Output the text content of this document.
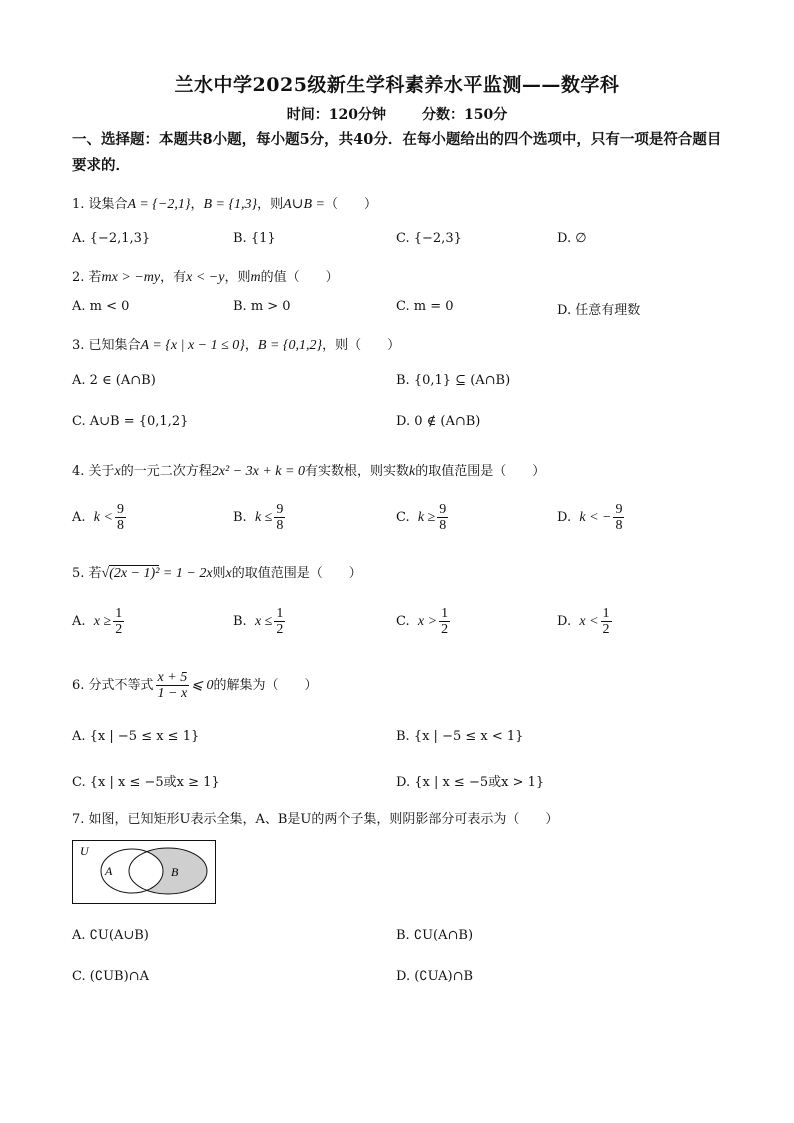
兰水中学2025级新生学科素养水平监测——数学科
时间：120分钟	分数：150分
一、选择题：本题共8小题，每小题5分，共40分．在每小题给出的四个选项中，只有一项是符合题目要求的．
1. 设集合A = {−2,1}，B = {1,3}，则A∪B =（　　）
A. {−2,1,3}	B. {1}	C. {−2,3}	D. ∅
2. 若mx > −my，有x < −y，则m的值（　　）
A. m < 0	B. m > 0	C. m = 0	D. 任意有理数
3. 已知集合A = {x | x − 1 ≤ 0}，B = {0,1,2}，则（　　）
A. 2 ∈ (A∩B)	B. {0,1} ⊆ (A∩B)
C. A∪B = {0,1,2}	D. 0 ∉ (A∩B)
4. 关于x的一元二次方程2x² − 3x + k = 0有实数根，则实数k的取值范围是（　　）
A. $k < \frac{9}{8}$	B. $k \le \frac{9}{8}$	C. $k \ge \frac{9}{8}$	D. k < − $\frac{9}{8}$
5. 若√(2x − 1)² = 1 − 2x则x的取值范围是（　　）
A. $x \ge \frac{1}{2}$	B. $x \le \frac{1}{2}$	C. $x > \frac{1}{2}$	D. $x < \frac{1}{2}$
6. 分式不等式 $\frac{x + 5}{1 - x}$ ⩽ 0的解集为（　　）
A. {x | −5 ≤ x ≤ 1}	B. {x | −5 ≤ x < 1}
C. {x | x ≤ −5或x ≥ 1}	D. {x | x ≤ −5或x > 1}
7. 如图，已知矩形U表示全集，A、B是U的两个子集，则阴影部分可表示为（　　）
U
A	B
A. ∁U(A∪B)	B. ∁U(A∩B)
C. (∁UB)∩A	D. (∁UA)∩B
